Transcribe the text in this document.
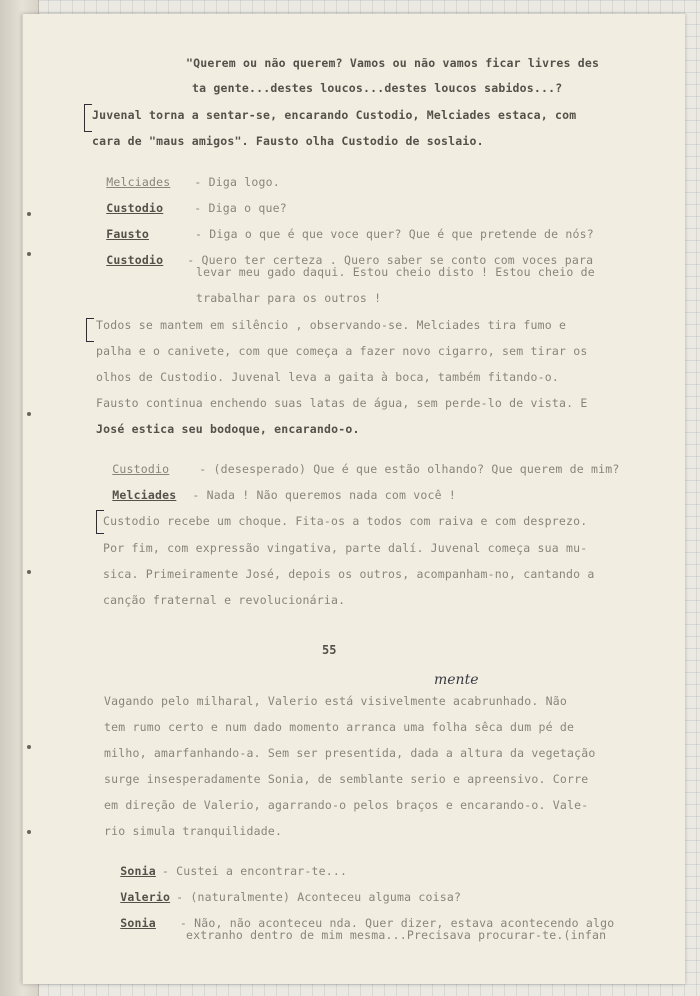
"Querem ou não querem? Vamos ou não vamos ficar livres des
ta gente...destes loucos...destes loucos sabidos...?
Juvenal torna a sentar-se, encarando Custodio, Melciades estaca, com
cara de "maus amigos". Fausto olha Custodio de soslaio.

Melciades - Diga logo.

Custodio	- Diga o que?

Fausto	- Diga o que é que voce quer? Que é que pretende de nós?

Custodio - Quero ter certeza . Quero saber se conto com voces para

levar meu gado daqui. Estou cheio disto ! Estou cheio de
trabalhar para os outros !
Todos se mantem em silêncio , observando-se. Melciades tira fumo e
palha e o canivete, com que começa a fazer novo cigarro, sem tirar os
olhos de Custodio. Juvenal leva a gaita à boca, também fitando-o.
Fausto continua enchendo suas latas de água, sem perde-lo de vista. E
José estica seu bodoque, encarando-o.

Custodio	- (desesperado) Que é que estão olhando? Que querem de mim?

Melciades - Nada ! Não queremos nada com você !

Custodio recebe um choque. Fita-os a todos com raiva e com desprezo.
Por fim, com expressão vingativa, parte dalí. Juvenal começa sua mu-
sica. Primeiramente José, depois os outros, acompanham-no, cantando a
canção fraternal e revolucionária.
55
mente
Vagando pelo milharal, Valerio está visivelmente acabrunhado. Não
tem rumo certo e num dado momento arranca uma folha sêca dum pé de
milho, amarfanhando-a. Sem ser presentida, dada a altura da vegetação
surge insesperadamente Sonia, de semblante serio e apreensivo. Corre
em direção de Valerio, agarrando-o pelos braços e encarando-o. Vale-
rio simula tranquilidade.

Sonia - Custei a encontrar-te...

Valerio - (naturalmente) Aconteceu alguma coisa?

Sonia - Não, não aconteceu nda. Quer dizer, estava acontecendo algo

extranho dentro de mim mesma...Precisava procurar-te.(infan
